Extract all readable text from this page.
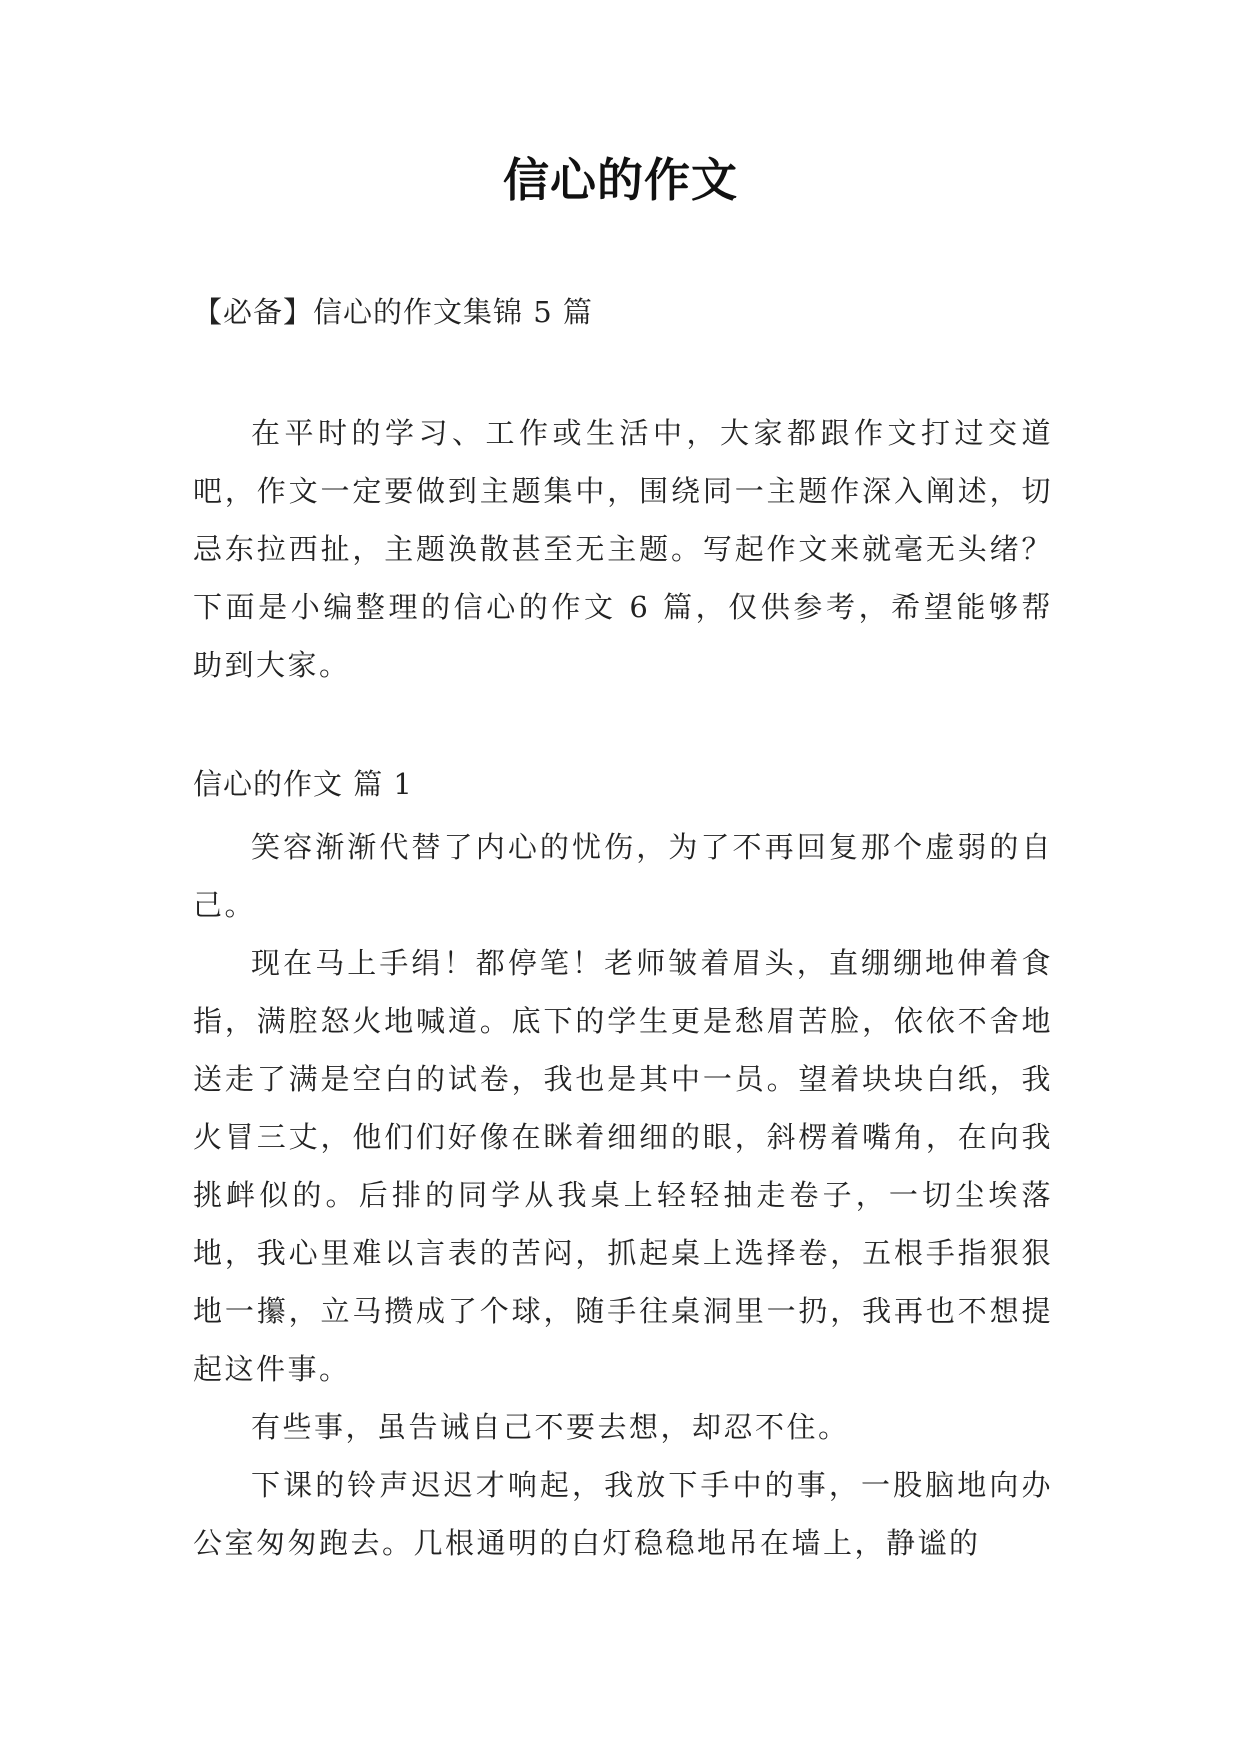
信心的作文
【必备】信心的作文集锦 5 篇

在平时的学习、工作或生活中，大家都跟作文打过交道吧，作文一定要做到主题集中，围绕同一主题作深入阐述，切忌东拉西扯，主题涣散甚至无主题。写起作文来就毫无头绪？下面是小编整理的信心的作文 6 篇，仅供参考，希望能够帮助到大家。

信心的作文 篇 1

笑容渐渐代替了内心的忧伤，为了不再回复那个虚弱的自己。

现在马上手绢！都停笔！老师皱着眉头，直绷绷地伸着食指，满腔怒火地喊道。底下的学生更是愁眉苦脸，依依不舍地送走了满是空白的试卷，我也是其中一员。望着块块白纸，我火冒三丈，他们们好像在眯着细细的眼，斜楞着嘴角，在向我挑衅似的。后排的同学从我桌上轻轻抽走卷子，一切尘埃落地，我心里难以言表的苦闷，抓起桌上选择卷，五根手指狠狠地一攥，立马攒成了个球，随手往桌洞里一扔，我再也不想提起这件事。

有些事，虽告诫自己不要去想，却忍不住。

下课的铃声迟迟才响起，我放下手中的事，一股脑地向办公室匆匆跑去。几根通明的白灯稳稳地吊在墙上，静谧的
